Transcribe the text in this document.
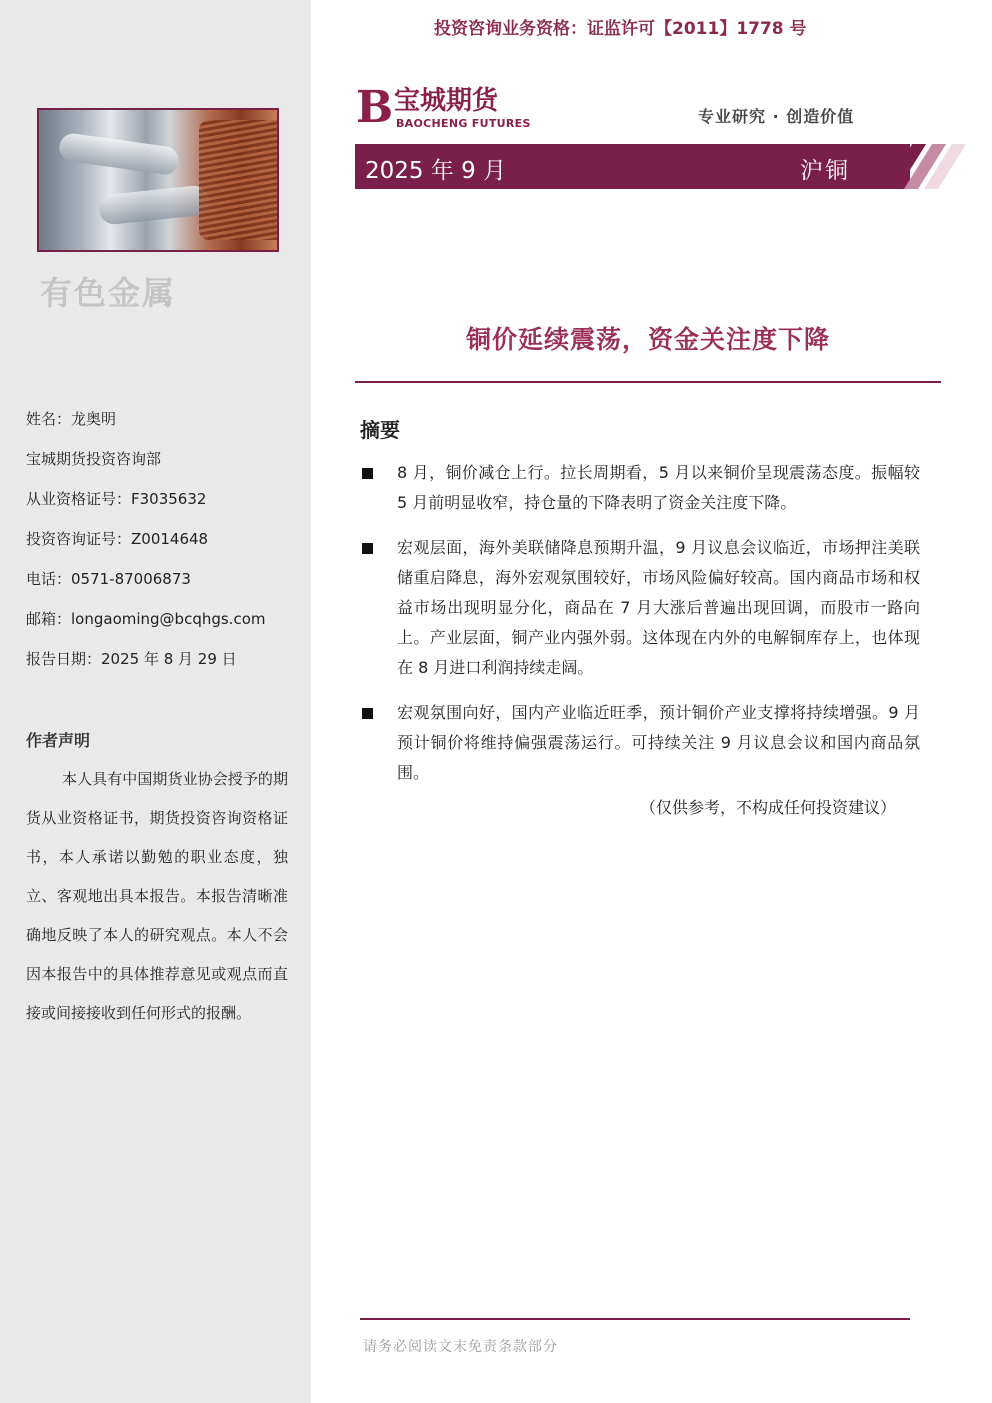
有色金属
姓名：龙奥明
宝城期货投资咨询部
从业资格证号：F3035632
投资咨询证号：Z0014648
电话：0571-87006873
邮箱：longaoming@bcqhgs.com
报告日期：2025 年 8 月 29 日
作者声明
本人具有中国期货业协会授予的期货从业资格证书，期货投资咨询资格证书，本人承诺以勤勉的职业态度，独立、客观地出具本报告。本报告清晰准确地反映了本人的研究观点。本人不会因本报告中的具体推荐意见或观点而直接或间接接收到任何形式的报酬。
投资咨询业务资格：证监许可【2011】1778 号
B 宝城期货
BAOCHENG FUTURES	专业研究 · 创造价值
2025 年 9 月	沪铜
铜价延续震荡，资金关注度下降
摘要
8 月，铜价减仓上行。拉长周期看，5 月以来铜价呈现震荡态度。振幅较 5 月前明显收窄，持仓量的下降表明了资金关注度下降。
宏观层面，海外美联储降息预期升温，9 月议息会议临近，市场押注美联储重启降息，海外宏观氛围较好，市场风险偏好较高。国内商品市场和权益市场出现明显分化，商品在 7 月大涨后普遍出现回调，而股市一路向上。产业层面，铜产业内强外弱。这体现在内外的电解铜库存上，也体现在 8 月进口利润持续走阔。
宏观氛围向好，国内产业临近旺季，预计铜价产业支撑将持续增强。9 月预计铜价将维持偏强震荡运行。可持续关注 9 月议息会议和国内商品氛围。
（仅供参考，不构成任何投资建议）
请务必阅读文末免责条款部分
